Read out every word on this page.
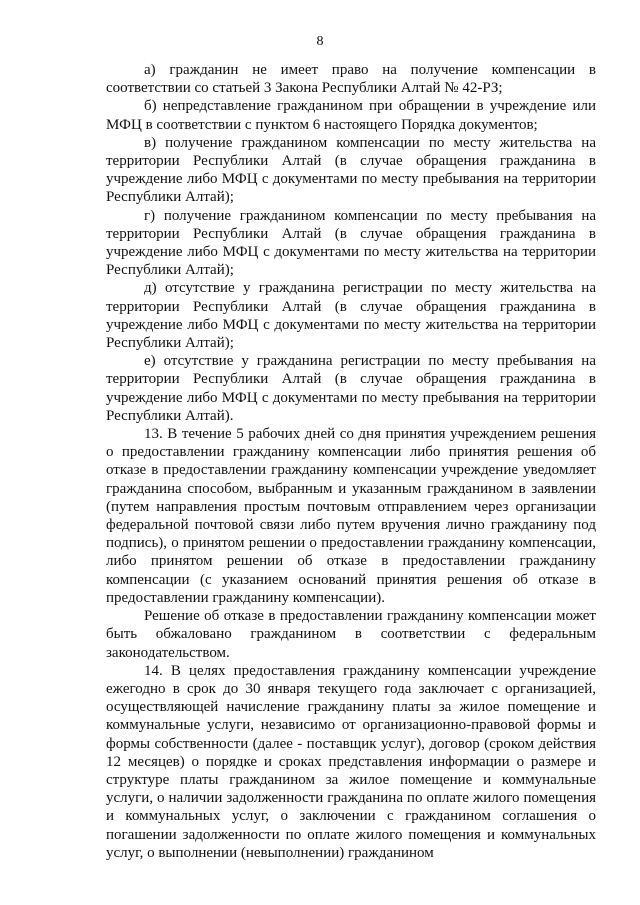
8

а) гражданин не имеет право на получение компенсации в соответствии со статьей 3 Закона Республики Алтай № 42-РЗ;

б) непредставление гражданином при обращении в учреждение или МФЦ в соответствии с пунктом 6 настоящего Порядка документов;

в) получение гражданином компенсации по месту жительства на территории Республики Алтай (в случае обращения гражданина в учреждение либо МФЦ с документами по месту пребывания на территории Республики Алтай);

г) получение гражданином компенсации по месту пребывания на территории Республики Алтай (в случае обращения гражданина в учреждение либо МФЦ с документами по месту жительства на территории Республики Алтай);

д) отсутствие у гражданина регистрации по месту жительства на территории Республики Алтай (в случае обращения гражданина в учреждение либо МФЦ с документами по месту жительства на территории Республики Алтай);

е) отсутствие у гражданина регистрации по месту пребывания на территории Республики Алтай (в случае обращения гражданина в учреждение либо МФЦ с документами по месту пребывания на территории Республики Алтай).

13. В течение 5 рабочих дней со дня принятия учреждением решения о предоставлении гражданину компенсации либо принятия решения об отказе в предоставлении гражданину компенсации учреждение уведомляет гражданина способом, выбранным и указанным гражданином в заявлении (путем направления простым почтовым отправлением через организации федеральной почтовой связи либо путем вручения лично гражданину под подпись), о принятом решении о предоставлении гражданину компенсации, либо принятом решении об отказе в предоставлении гражданину компенсации (с указанием оснований принятия решения об отказе в предоставлении гражданину компенсации).

Решение об отказе в предоставлении гражданину компенсации может быть обжаловано гражданином в соответствии с федеральным законодательством.

14. В целях предоставления гражданину компенсации учреждение ежегодно в срок до 30 января текущего года заключает с организацией, осуществляющей начисление гражданину платы за жилое помещение и коммунальные услуги, независимо от организационно-правовой формы и формы собственности (далее - поставщик услуг), договор (сроком действия 12 месяцев) о порядке и сроках представления информации о размере и структуре платы гражданином за жилое помещение и коммунальные услуги, о наличии задолженности гражданина по оплате жилого помещения и коммунальных услуг, о заключении с гражданином соглашения о погашении задолженности по оплате жилого помещения и коммунальных услуг, о выполнении (невыполнении) гражданином
